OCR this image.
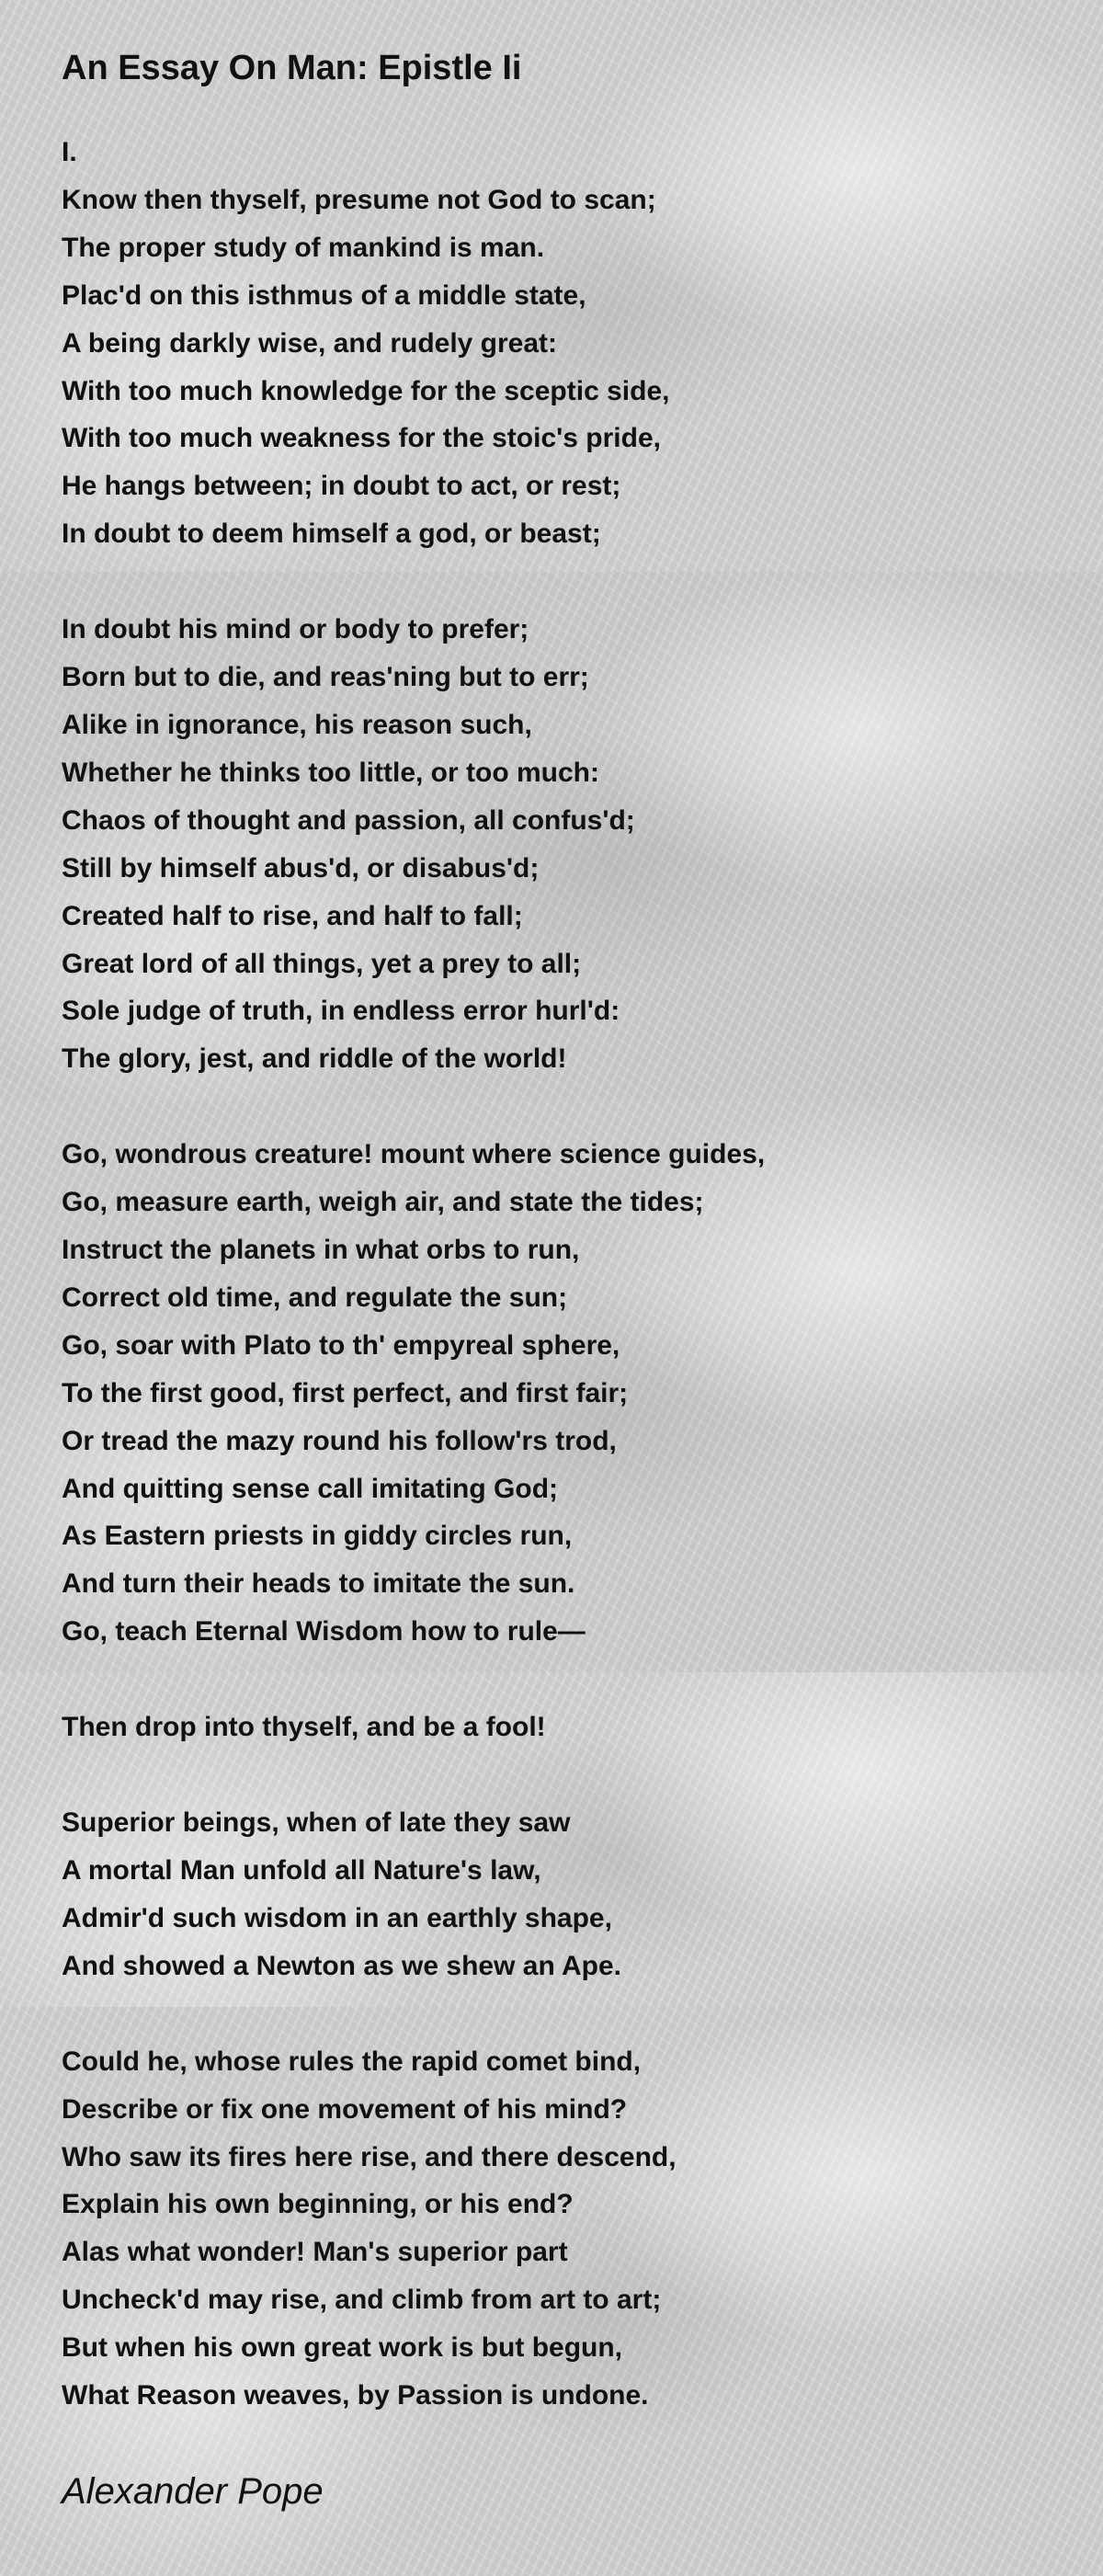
An Essay On Man: Epistle Ii
I.
Know then thyself, presume not God to scan;
The proper study of mankind is man.
Plac'd on this isthmus of a middle state,
A being darkly wise, and rudely great:
With too much knowledge for the sceptic side,
With too much weakness for the stoic's pride,
He hangs between; in doubt to act, or rest;
In doubt to deem himself a god, or beast;
In doubt his mind or body to prefer;
Born but to die, and reas'ning but to err;
Alike in ignorance, his reason such,
Whether he thinks too little, or too much:
Chaos of thought and passion, all confus'd;
Still by himself abus'd, or disabus'd;
Created half to rise, and half to fall;
Great lord of all things, yet a prey to all;
Sole judge of truth, in endless error hurl'd:
The glory, jest, and riddle of the world!
Go, wondrous creature! mount where science guides,
Go, measure earth, weigh air, and state the tides;
Instruct the planets in what orbs to run,
Correct old time, and regulate the sun;
Go, soar with Plato to th' empyreal sphere,
To the first good, first perfect, and first fair;
Or tread the mazy round his follow'rs trod,
And quitting sense call imitating God;
As Eastern priests in giddy circles run,
And turn their heads to imitate the sun.
Go, teach Eternal Wisdom how to rule—
Then drop into thyself, and be a fool!
Superior beings, when of late they saw
A mortal Man unfold all Nature's law,
Admir'd such wisdom in an earthly shape,
And showed a Newton as we shew an Ape.
Could he, whose rules the rapid comet bind,
Describe or fix one movement of his mind?
Who saw its fires here rise, and there descend,
Explain his own beginning, or his end?
Alas what wonder! Man's superior part
Uncheck'd may rise, and climb from art to art;
But when his own great work is but begun,
What Reason weaves, by Passion is undone.
Alexander Pope
